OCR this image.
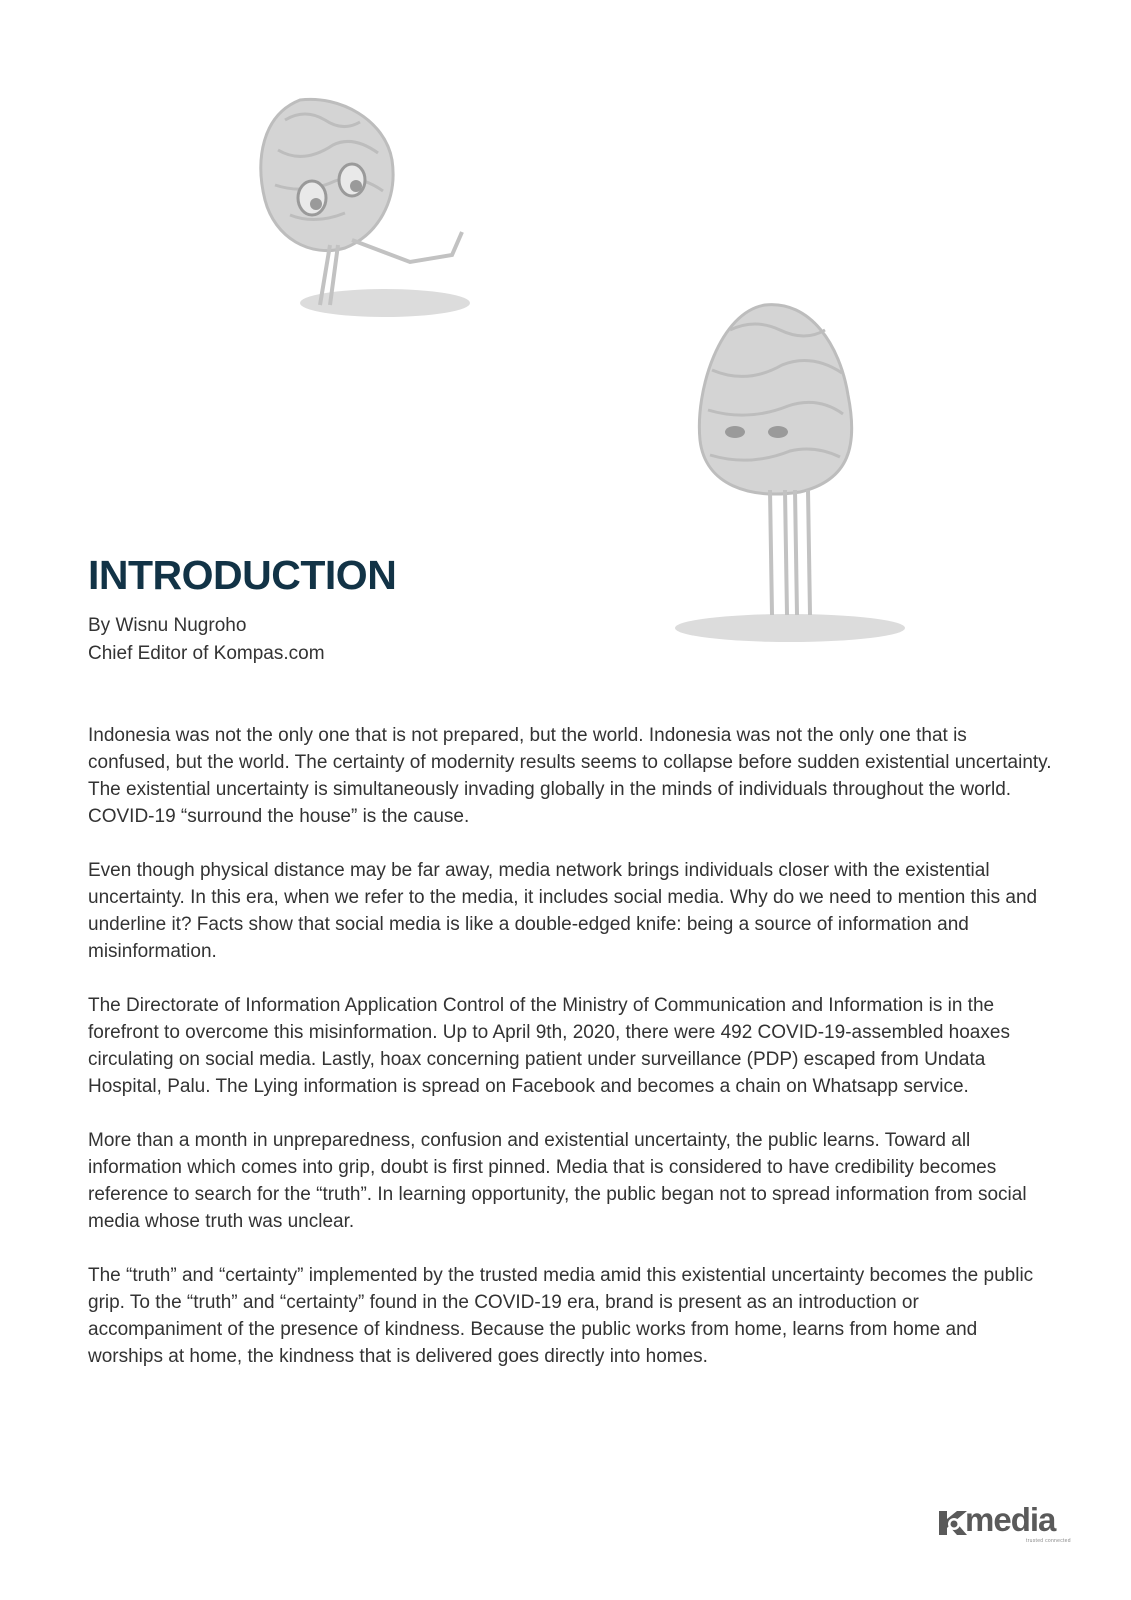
INTRODUCTION
By Wisnu Nugroho
Chief Editor of Kompas.com

Indonesia was not the only one that is not prepared, but the world. Indonesia was not the only one that is confused, but the world. The certainty of modernity results seems to collapse before sudden existential uncertainty. The existential uncertainty is simultaneously invading globally in the minds of individuals throughout the world. COVID-19 “surround the house” is the cause.

Even though physical distance may be far away, media network brings individuals closer with the existential uncertainty. In this era, when we refer to the media, it includes social media. Why do we need to mention this and underline it? Facts show that social media is like a double-edged knife: being a source of information and misinformation.

The Directorate of Information Application Control of the Ministry of Communication and Information is in the forefront to overcome this misinformation. Up to April 9th, 2020, there were 492 COVID-19-assembled hoaxes circulating on social media. Lastly, hoax concerning patient under surveillance (PDP) escaped from Undata Hospital, Palu. The Lying information is spread on Facebook and becomes a chain on Whatsapp service.

More than a month in unpreparedness, confusion and existential uncertainty, the public learns. Toward all information which comes into grip, doubt is first pinned. Media that is considered to have credibility becomes reference to search for the “truth”. In learning opportunity, the public began not to spread information from social media whose truth was unclear.

The “truth” and “certainty” implemented by the trusted media amid this existential uncertainty becomes the public grip. To the “truth” and “certainty” found in the COVID-19 era, brand is present as an introduction or accompaniment of the presence of kindness. Because the public works from home, learns from home and worships at home, the kindness that is delivered goes directly into homes.

media
trusted connected
